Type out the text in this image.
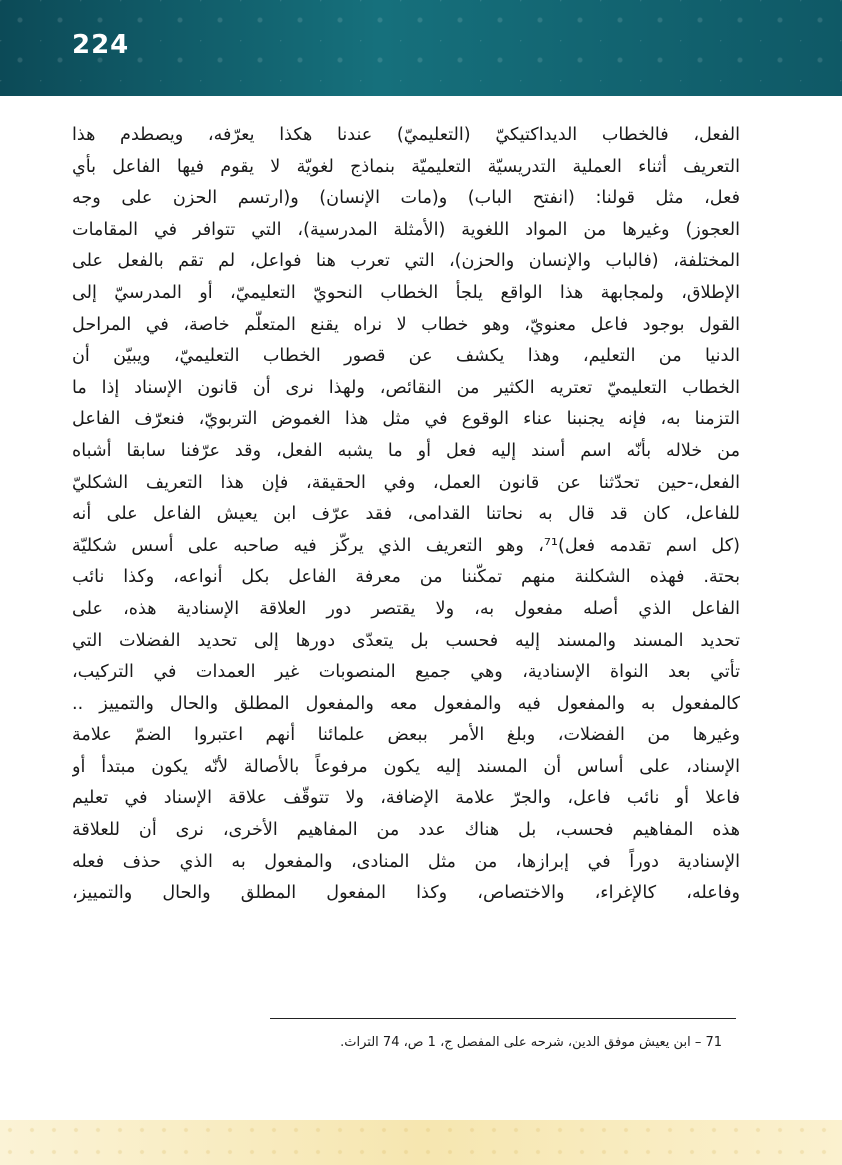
224
الفعل، فالخطاب الديداكتيكيّ (التعليميّ) عندنا هكذا يعرّفه، ويصطدم هذا
التعريف أثناء العملية التدريسيّة التعليميّة بنماذج لغويّة لا يقوم فيها الفاعل بأي
فعل، مثل قولنا: (انفتح الباب) و(مات الإنسان) و(ارتسم الحزن على وجه
العجوز) وغيرها من المواد اللغوية (الأمثلة المدرسية)، التي تتوافر في المقامات
المختلفة، (فالباب والإنسان والحزن)، التي تعرب هنا فواعل، لم تقم بالفعل على
الإطلاق، ولمجابهة هذا الواقع يلجأ الخطاب النحويّ التعليميّ، أو المدرسيّ إلى
القول بوجود فاعل معنويّ، وهو خطاب لا نراه يقنع المتعلّم خاصة، في المراحل
الدنيا من التعليم، وهذا يكشف عن قصور الخطاب التعليميّ، ويبيّن أن
الخطاب التعليميّ تعتريه الكثير من النقائص، ولهذا نرى أن قانون الإسناد إذا ما
التزمنا به، فإنه يجنبنا عناء الوقوع في مثل هذا الغموض التربويّ، فنعرّف الفاعل
من خلاله بأنّه اسم أسند إليه فعل أو ما يشبه الفعل، وقد عرّفنا سابقا أشباه
الفعل،-حين تحدّثنا عن قانون العمل، وفي الحقيقة، فإن هذا التعريف الشكليّ
للفاعل، كان قد قال به نحاتنا القدامى، فقد عرّف ابن يعيش الفاعل على أنه
(كل اسم تقدمه فعل)⁷¹، وهو التعريف الذي يركّز فيه صاحبه على أسس شكليّة
بحتة. فهذه الشكلنة منهم تمكّننا من معرفة الفاعل بكل أنواعه، وكذا نائب
الفاعل الذي أصله مفعول به، ولا يقتصر دور العلاقة الإسنادية هذه، على
تحديد المسند والمسند إليه فحسب بل يتعدّى دورها إلى تحديد الفضلات التي
تأتي بعد النواة الإسنادية، وهي جميع المنصوبات غير العمدات في التركيب،
كالمفعول به والمفعول فيه والمفعول معه والمفعول المطلق والحال والتمييز ..
وغيرها من الفضلات، وبلغ الأمر ببعض علمائنا أنهم اعتبروا الضمّ علامة
الإسناد، على أساس أن المسند إليه يكون مرفوعاً بالأصالة لأنّه يكون مبتدأ أو
فاعلا أو نائب فاعل، والجرّ علامة الإضافة، ولا تتوقّف علاقة الإسناد في تعليم
هذه المفاهيم فحسب، بل هناك عدد من المفاهيم الأخرى، نرى أن للعلاقة
الإسنادية دوراً في إبرازها، من مثل المنادى، والمفعول به الذي حذف فعله
وفاعله، كالإغراء، والاختصاص، وكذا المفعول المطلق والحال والتمييز،
71 – ابن يعيش موفق الدين، شرحه على المفصل ج، 1 ص، 74 التراث.
